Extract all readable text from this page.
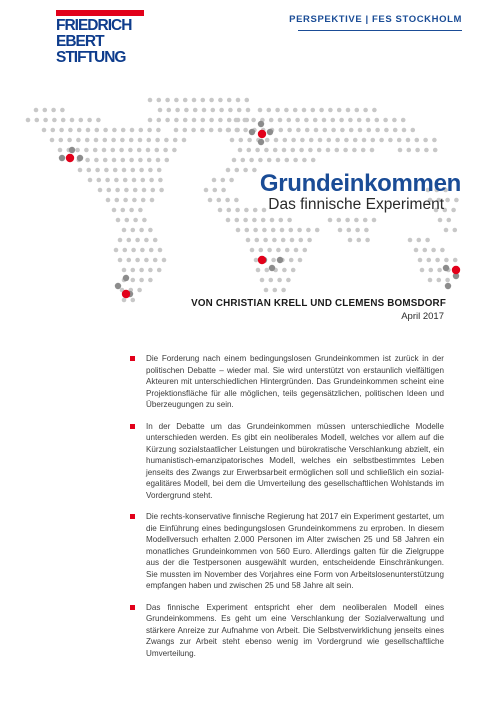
FRIEDRICH
EBERT
STIFTUNG
PERSPEKTIVE | FES STOCKHOLM
Grundeinkommen
Das finnische Experiment
VON CHRISTIAN KRELL UND CLEMENS BOMSDORF
April 2017
Die Forderung nach einem bedingungslosen Grundeinkommen ist zurück in der politischen Debatte – wieder mal. Sie wird unterstützt von erstaunlich vielfältigen Akteuren mit unterschiedlichen Hintergründen. Das Grundeinkommen scheint eine Projektionsfläche für alle möglichen, teils gegensätzlichen, politischen Ideen und Überzeugungen zu sein.
In der Debatte um das Grundeinkommen müssen unterschiedliche Modelle unterschieden werden. Es gibt ein neoliberales Modell, welches vor allem auf die Kürzung sozialstaatlicher Leistungen und bürokratische Verschlankung abzielt, ein humanistisch-emanzipatorisches Modell, welches ein selbstbestimmtes Leben jenseits des Zwangs zur Erwerbsarbeit ermöglichen soll und schließlich ein sozial-egalitäres Modell, bei dem die Umverteilung des gesellschaftlichen Wohlstands im Vordergrund steht.
Die rechts-konservative finnische Regierung hat 2017 ein Experiment gestartet, um die Einführung eines bedingungslosen Grundeinkommens zu erproben. In diesem Modellversuch erhalten 2.000 Personen im Alter zwischen 25 und 58 Jahren ein monatliches Grundeinkommen von 560 Euro. Allerdings galten für die Zielgruppe aus der die Testpersonen ausgewählt wurden, entscheidende Einschränkungen. Sie mussten im November des Vorjahres eine Form von Arbeitslosenunterstützung empfangen haben und zwischen 25 und 58 Jahre alt sein.
Das finnische Experiment entspricht eher dem neoliberalen Modell eines Grundeinkommens. Es geht um eine Verschlankung der Sozialverwaltung und stärkere Anreize zur Aufnahme von Arbeit. Die Selbstverwirklichung jenseits eines Zwangs zur Arbeit steht ebenso wenig im Vordergrund wie gesellschaftliche Umverteilung.
